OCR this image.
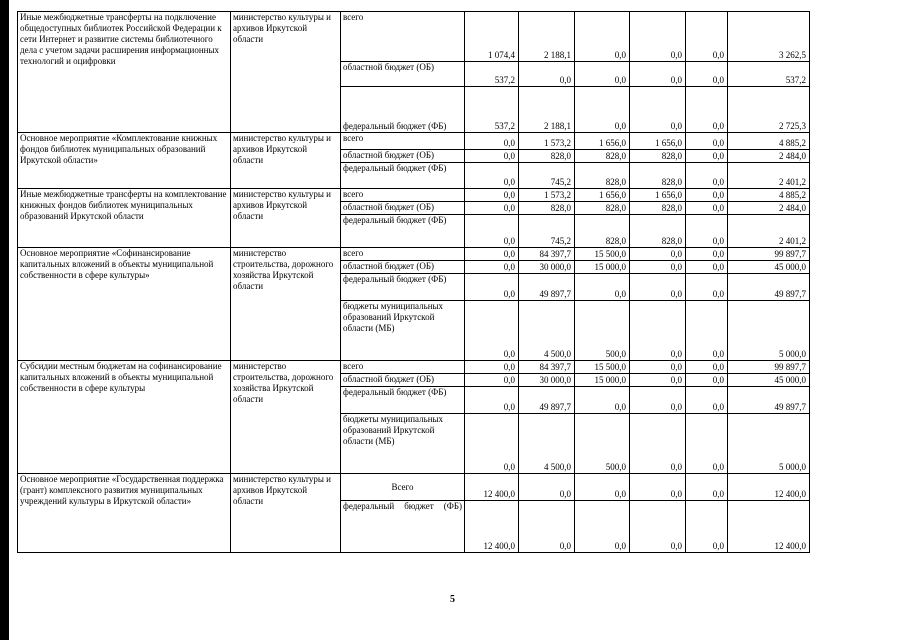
Иные межбюджетные трансферты на подключение общедоступных библиотек Российской Федерации к сети Интернет и развитие системы библиотечного дела с учетом задачи расширения информационных технологий и оцифровки	министерство культуры и архивов Иркутской области	всего	1 074,4	2 188,1	0,0	0,0	0,0	3 262,5
		областной бюджет (ОБ)	537,2	0,0	0,0	0,0	0,0	537,2
		федеральный бюджет (ФБ)	537,2	2 188,1	0,0	0,0	0,0	2 725,3
Основное мероприятие «Комплектование книжных фондов библиотек муниципальных образований Иркутской области»	министерство культуры и архивов Иркутской области	всего	0,0	1 573,2	1 656,0	1 656,0	0,0	4 885,2
		областной бюджет (ОБ)	0,0	828,0	828,0	828,0	0,0	2 484,0
		федеральный бюджет (ФБ)	0,0	745,2	828,0	828,0	0,0	2 401,2
Иные межбюджетные трансферты на комплектование книжных фондов библиотек муниципальных образований Иркутской области	министерство культуры и архивов Иркутской области	всего	0,0	1 573,2	1 656,0	1 656,0	0,0	4 885,2
		областной бюджет (ОБ)	0,0	828,0	828,0	828,0	0,0	2 484,0
		федеральный бюджет (ФБ)	0,0	745,2	828,0	828,0	0,0	2 401,2
Основное мероприятие «Софинансирование капитальных вложений в объекты муниципальной собственности в сфере культуры»	министерство строительства, дорожного хозяйства Иркутской области	всего	0,0	84 397,7	15 500,0	0,0	0,0	99 897,7
		областной бюджет (ОБ)	0,0	30 000,0	15 000,0	0,0	0,0	45 000,0
		федеральный бюджет (ФБ)	0,0	49 897,7	0,0	0,0	0,0	49 897,7
		бюджеты муниципальных образований Иркутской области (МБ)	0,0	4 500,0	500,0	0,0	0,0	5 000,0
Субсидии местным бюджетам на софинансирование капитальных вложений в объекты муниципальной собственности в сфере культуры	министерство строительства, дорожного хозяйства Иркутской области	всего	0,0	84 397,7	15 500,0	0,0	0,0	99 897,7
		областной бюджет (ОБ)	0,0	30 000,0	15 000,0	0,0	0,0	45 000,0
		федеральный бюджет (ФБ)	0,0	49 897,7	0,0	0,0	0,0	49 897,7
		бюджеты муниципальных образований Иркутской области (МБ)	0,0	4 500,0	500,0	0,0	0,0	5 000,0
Основное мероприятие «Государственная поддержка (грант) комплексного развития муниципальных учреждений культуры в Иркутской области»	министерство культуры и архивов Иркутской области	Всего	12 400,0	0,0	0,0	0,0	0,0	12 400,0
		федеральный бюджет (ФБ)	12 400,0	0,0	0,0	0,0	0,0	12 400,0
5
